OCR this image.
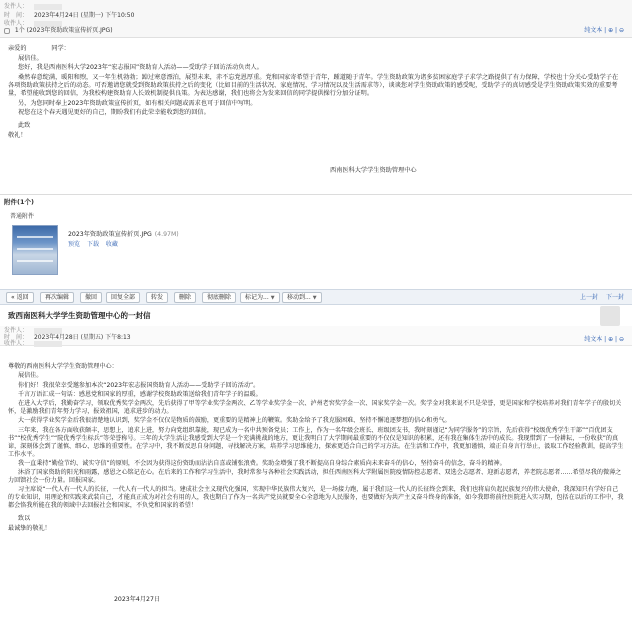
发件人：
时　间： 2023年4月24日 (星期一) 下午10:50
收件人：
1个 (2023年资助政策宣传折页.JPG)	纯文本 | ⊕ | ⊖

亲爱的　　　　同学：

展信佳。

您好，我是西南医科大学2023年“宏志报国”资助育人活动——受助学子回访活动负责人。

桑然春意绽满，暖阳和煦，又一年生机勃勃；踔过寒意漂泊，展望未来，赤不忘党恩厚重。党和国家寄希望于青年，踵道随于青年。学生资助政策为诸多贫困家庭学子求学之路提供了有力保障，学校也十分关心受助学子在各项资助政策扶持之后的动态。可否邀请您就受到资助政策扶持之后的变化（比如目前的生活状况、家庭情况、学习情况以及生活需求等），谈谈您对学生资助政策的感受呢，受助学子的真切感受是学生资助政策实效的重要考量，希望能收到您的回信，为我校构建资助育人长效机制提供良策。为表达感谢，我们也将会为发来回信的同学提供操行分加分证明。

另，为您同时奉上2023年资助政策宣传折页，如有相关问题或需求也可于回信中写明。

祝您在这个春天遇见更好的自己，期盼我们有此荣幸能收到您的回信。

此致

敬礼！

西南医科大学学生资助管理中心
附件(1个)
普通附件
2023年资助政策宣传折页.JPG (4.97M)
预览 下载 收藏
« 返回	再次编辑	撤回	回复全部	转发	删除	彻底删除	标记为... ▼	移动到... ▼	上一封 下一封
致西南医科大学学生资助管理中心的一封信
发件人：
时　间： 2023年4月28日 (星期五) 下午8:13
收件人：
纯文本 | ⊕ | ⊖

尊敬的西南医科大学学生资助管理中心：

展信佳。

你们好！我很荣幸受邀参加本次“2023年宏志报国资助育人活动——受助学子回访活动”。

千言万语汇成一句话：感恩党和国家的厚重，感谢学校资助政策送给我们青年学子的温暖。

在进入大学后，我勤奋学习，领取优秀奖学金两次，先后获得了甲等学业奖学金两次、乙等学业奖学金一次、泸州老窖奖学金一次、国家奖学金一次。奖学金对我来说不只是荣誉，更是国家和学校培养对我们青年学子的殷切关怀，是激励我们青年努力学习，报效祖国，追求进步的动力。

大一获得学业奖学金后我很清楚地认识到，奖学金不仅仅是物质的鼓励，更重要的是精神上的鞭策。奖助金给予了我克服困难、坚持不懈追逐梦想的信心和勇气。

三年来，我在各方面收获颇丰，思想上，追求上进，努力向党组织靠拢，现已成为一名中共预备党员；工作上，作为一名年级会班长、班级团支书，我时刻谨记“为同学服务”的宗旨，先后获得“校级优秀学生干部”“百优团支书”“校优秀学生”“院优秀学生标兵”等荣誉称号。三年的大学生活让我感受到大学是一个充满挑战的地方，更让我明白了大学期间最重要的不仅仅是知识的积累，还有我在集体生活中的成长。我现惜到了一份耕耘，一份收获”的真谛，深刻体会到了谨慎、细心、思维的重要性。在学习中，我不断反思自身问题，寻找解决方案，培养学习思维能力，探索更适合自己的学习方法。在生活和工作中，我更加谨慎，端正自身言行举止，汲取工作经验教训，提高学生工作水平。

我一直秉持“勤俭节约、诚实守信”的原则，不会因为获得这份资助而沾沾自喜或铺张浪费。奖助金增强了我不断提高自身综合素质向未来奋斗的信心，坚持奋斗的信念，奋斗的精神。

沐浴了国家资助的阳光和雨露，感恩之心铭记在心。在后来的工作和学习生活中，我时常参与各种社会实践活动，担任西南医科大学附属医院疫情防控志愿者、双选会志愿者、迎新志愿者，养老院志愿者……希望尽我的微薄之力回馈社会一份力量。回报国家。

习主席说“一代人有一代人的长征，一代人有一代人的担当。建成社会主义现代化强国，实现中华民族伟大复兴，是一场接力跑，属于我们这一代人的长征终会到来，我们也将肩负起民族复兴的伟大使命，我深知只有学好自己的专业知识，用理论和实践来武装自己，才能真正成为对社会有用的人，我也期白了作为一名共产党员就要全心全意地为人民服务，也要做好为共产主义奋斗终身的准备，如今我即将前往医院进入实习期，包括在以后的工作中，我都会恪我所能在我的领域中去回报社会和国家，不负党和国家的希望！

致以

最诚挚的敬礼！

2023年4月27日
